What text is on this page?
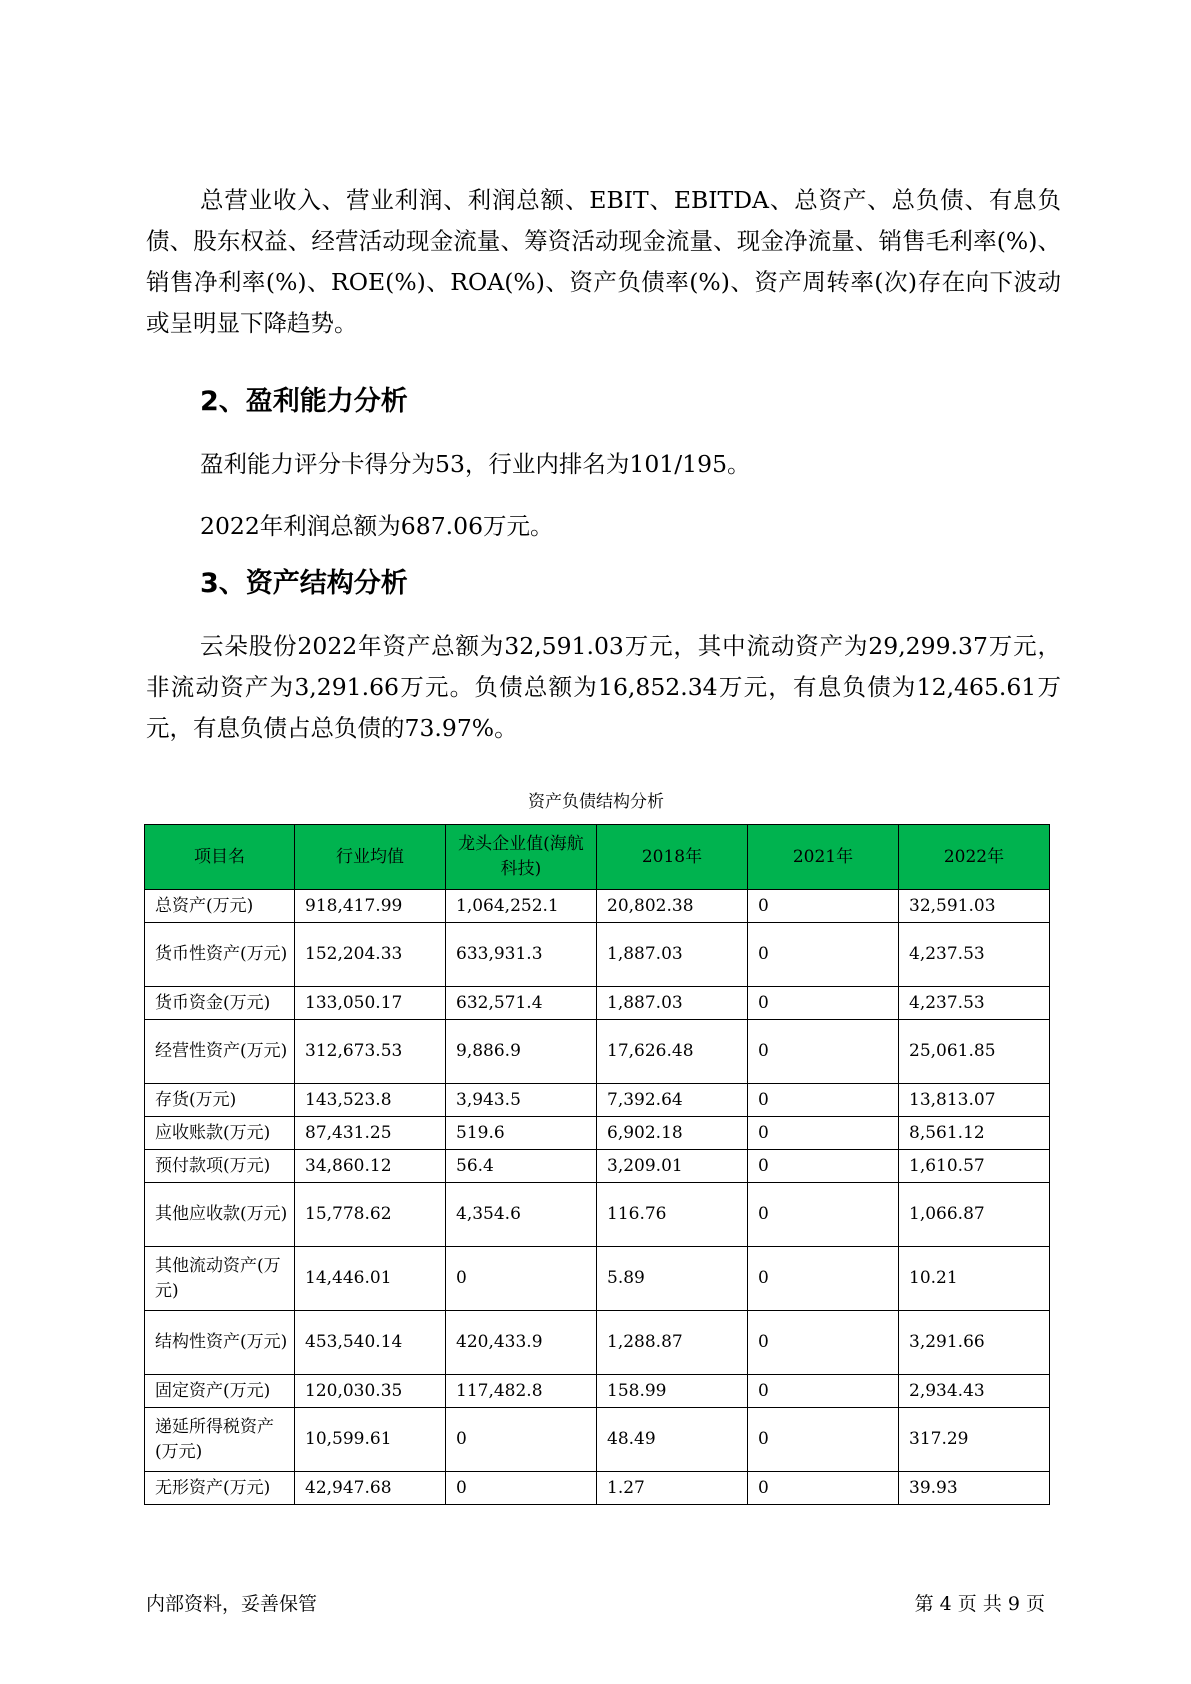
总营业收入、营业利润、利润总额、EBIT、EBITDA、总资产、总负债、有息负债、股东权益、经营活动现金流量、筹资活动现金流量、现金净流量、销售毛利率(%)、销售净利率(%)、ROE(%)、ROA(%)、资产负债率(%)、资产周转率(次)存在向下波动或呈明显下降趋势。

2、盈利能力分析

盈利能力评分卡得分为53，行业内排名为101/195。

2022年利润总额为687.06万元。

3、资产结构分析

云朵股份2022年资产总额为32,591.03万元，其中流动资产为29,299.37万元，非流动资产为3,291.66万元。负债总额为16,852.34万元，有息负债为12,465.61万元，有息负债占总负债的73.97%。

资产负债结构分析
项目名	行业均值	龙头企业值(海航科技)	2018年	2021年	2022年
总资产(万元)	918,417.99	1,064,252.1	20,802.38	0	32,591.03
货币性资产(万元)	152,204.33	633,931.3	1,887.03	0	4,237.53
货币资金(万元)	133,050.17	632,571.4	1,887.03	0	4,237.53
经营性资产(万元)	312,673.53	9,886.9	17,626.48	0	25,061.85
存货(万元)	143,523.8	3,943.5	7,392.64	0	13,813.07
应收账款(万元)	87,431.25	519.6	6,902.18	0	8,561.12
预付款项(万元)	34,860.12	56.4	3,209.01	0	1,610.57
其他应收款(万元)	15,778.62	4,354.6	116.76	0	1,066.87
其他流动资产(万元)	14,446.01	0	5.89	0	10.21
结构性资产(万元)	453,540.14	420,433.9	1,288.87	0	3,291.66
固定资产(万元)	120,030.35	117,482.8	158.99	0	2,934.43
递延所得税资产(万元)	10,599.61	0	48.49	0	317.29
无形资产(万元)	42,947.68	0	1.27	0	39.93
内部资料，妥善保管	第 4 页 共 9 页
